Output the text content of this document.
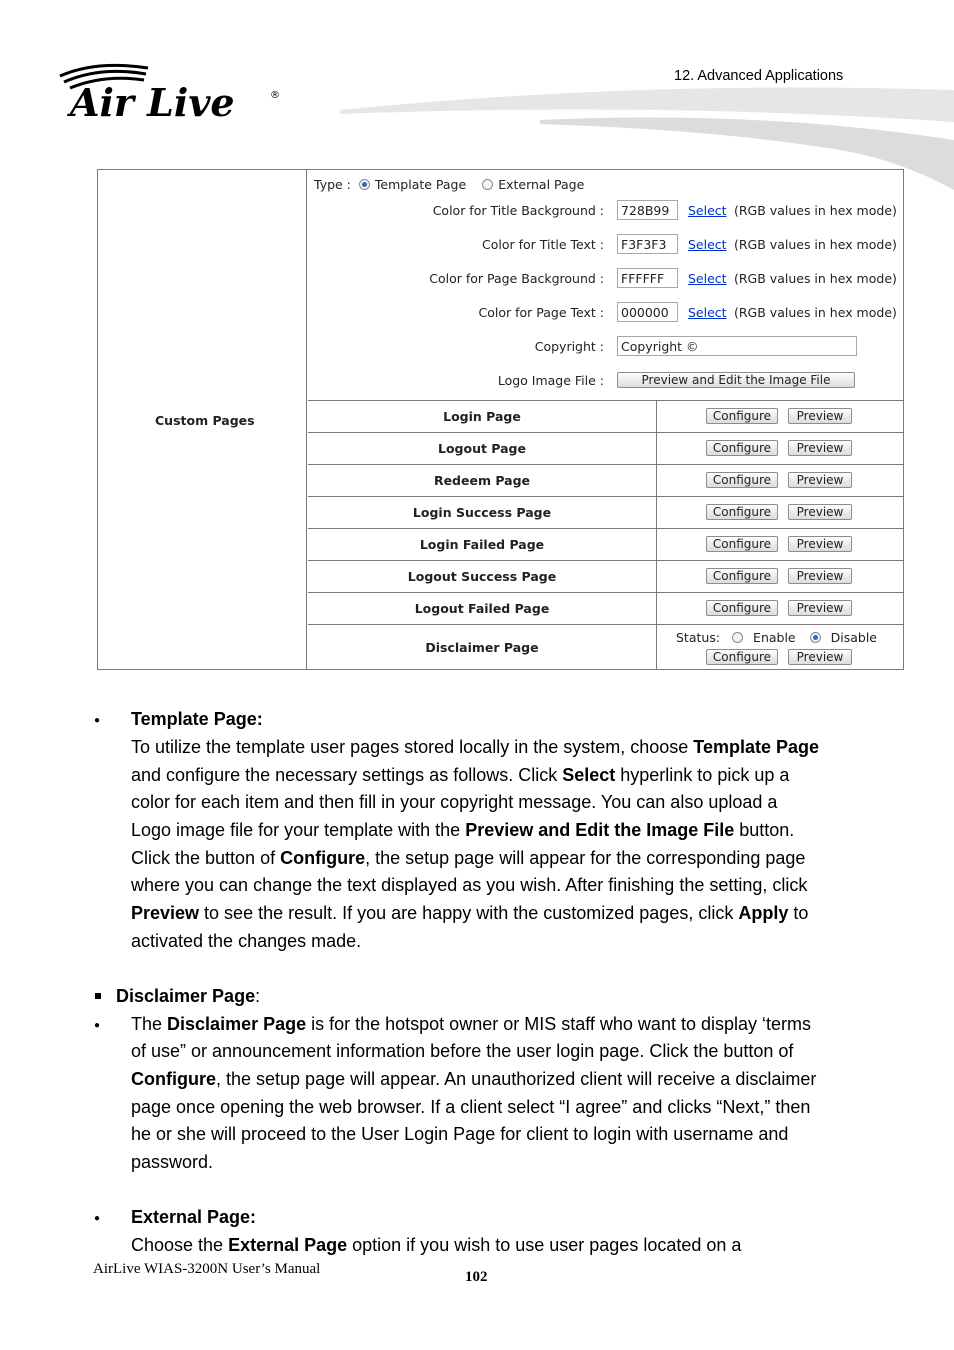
Air Live	®
12. Advanced Applications
Custom Pages
Type : Template Page	External Page
Color for Title Background :	728B99	Select (RGB values in hex mode)
Color for Title Text :	F3F3F3	Select (RGB values in hex mode)
Color for Page Background :	FFFFFF	Select (RGB values in hex mode)
Color for Page Text :	000000	Select (RGB values in hex mode)
Copyright :	Copyright ©
Logo Image File :	Preview and Edit the Image File
Login Page	Configure Preview
Logout Page	Configure Preview
Redeem Page	Configure Preview
Login Success Page	Configure Preview
Login Failed Page	Configure Preview
Logout Success Page	Configure Preview
Logout Failed Page	Configure Preview
Disclaimer Page
Status:	Enable	Disable
Configure Preview
● Template Page:
To utilize the template user pages stored locally in the system, choose Template Page
and configure the necessary settings as follows. Click Select hyperlink to pick up a
color for each item and then fill in your copyright message. You can also upload a
Logo image file for your template with the Preview and Edit the Image File button.
Click the button of Configure, the setup page will appear for the corresponding page
where you can change the text displayed as you wish. After finishing the setting, click
Preview to see the result. If you are happy with the customized pages, click Apply to
activated the changes made.
Disclaimer Page:
● The Disclaimer Page is for the hotspot owner or MIS staff who want to display ‘terms
of use” or announcement information before the user login page. Click the button of
Configure, the setup page will appear. An unauthorized client will receive a disclaimer
page once opening the web browser. If a client select “I agree” and clicks “Next,” then
he or she will proceed to the User Login Page for client to login with username and
password.
● External Page:
Choose the External Page option if you wish to use user pages located on a
AirLive WIAS-3200N User’s Manual	102
